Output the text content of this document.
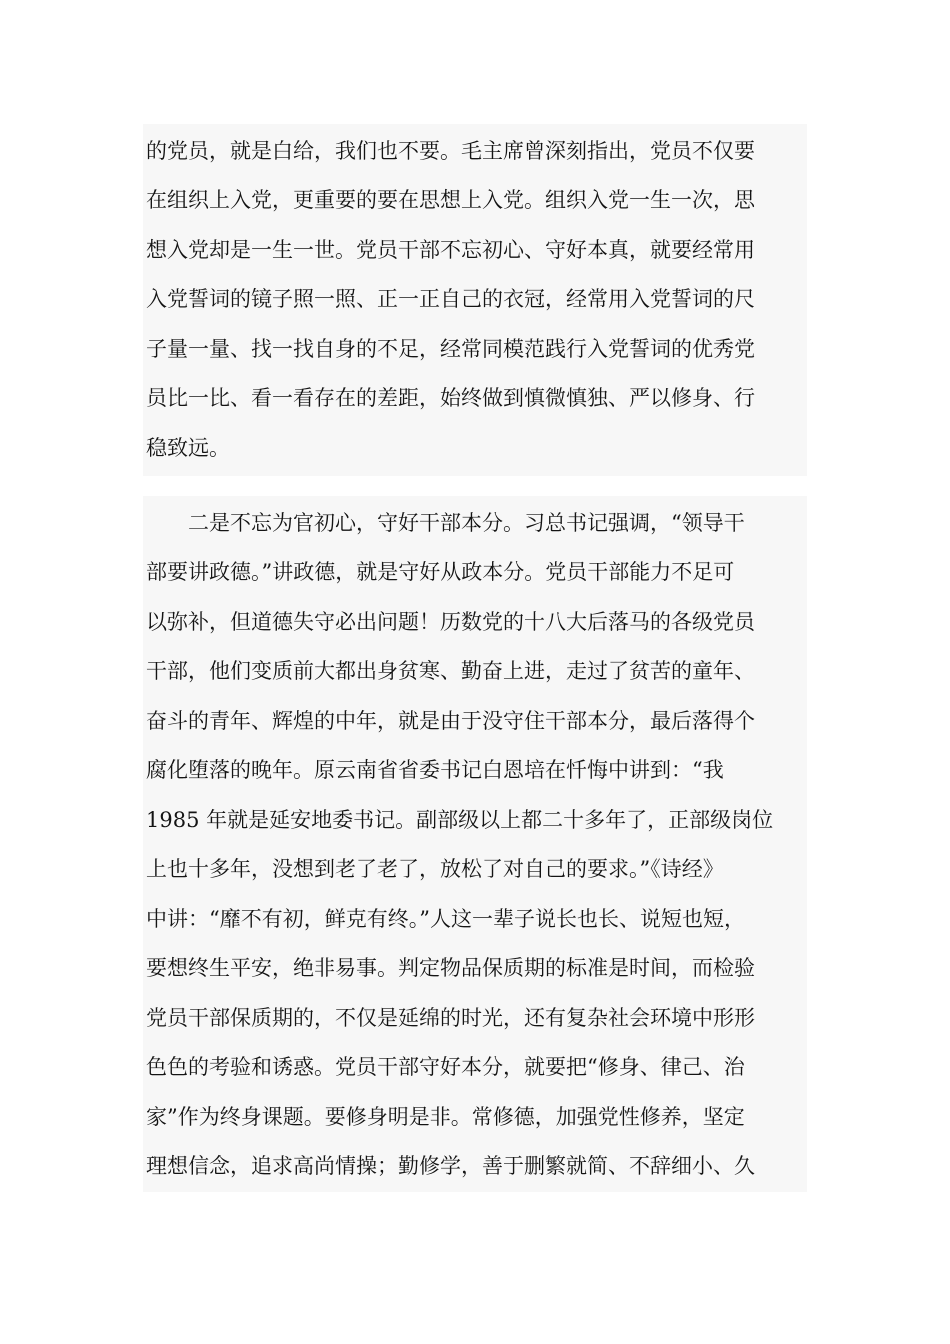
的党员，就是白给，我们也不要。毛主席曾深刻指出，党员不仅要
在组织上入党，更重要的要在思想上入党。组织入党一生一次，思
想入党却是一生一世。党员干部不忘初心、守好本真，就要经常用
入党誓词的镜子照一照、正一正自己的衣冠，经常用入党誓词的尺
子量一量、找一找自身的不足，经常同模范践行入党誓词的优秀党
员比一比、看一看存在的差距，始终做到慎微慎独、严以修身、行
稳致远。
　　二是不忘为官初心，守好干部本分。习总书记强调，“领导干
部要讲政德。”讲政德，就是守好从政本分。党员干部能力不足可
以弥补，但道德失守必出问题！历数党的十八大后落马的各级党员
干部，他们变质前大都出身贫寒、勤奋上进，走过了贫苦的童年、
奋斗的青年、辉煌的中年，就是由于没守住干部本分，最后落得个
腐化堕落的晚年。原云南省省委书记白恩培在忏悔中讲到：“我
1985 年就是延安地委书记。副部级以上都二十多年了，正部级岗位
上也十多年，没想到老了老了，放松了对自己的要求。”《诗经》
中讲：“靡不有初，鲜克有终。”人这一辈子说长也长、说短也短，
要想终生平安，绝非易事。判定物品保质期的标准是时间，而检验
党员干部保质期的，不仅是延绵的时光，还有复杂社会环境中形形
色色的考验和诱惑。党员干部守好本分，就要把“修身、律己、治
家”作为终身课题。要修身明是非。常修德，加强党性修养，坚定
理想信念，追求高尚情操；勤修学，善于删繁就简、不辞细小、久
